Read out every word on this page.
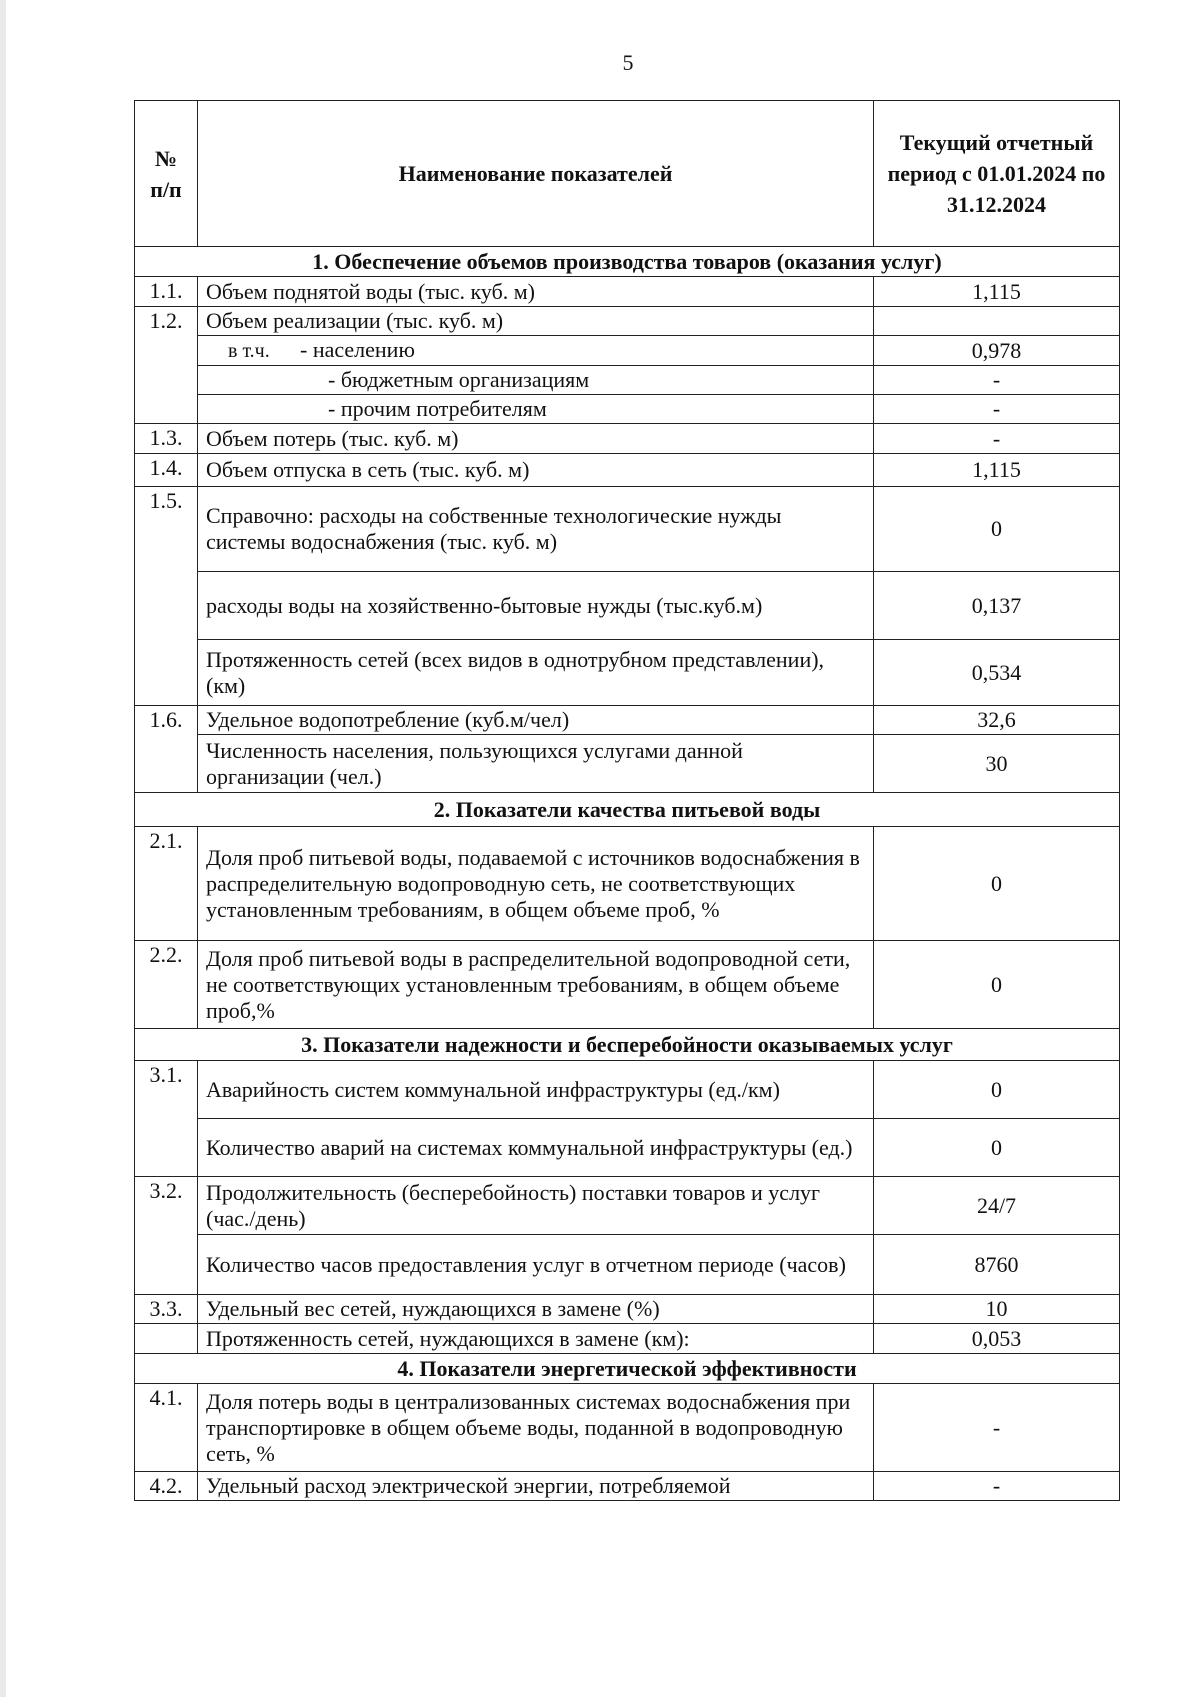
5
№ п/п	Наименование показателей	Текущий отчетный период с 01.01.2024 по 31.12.2024
1. Обеспечение объемов производства товаров (оказания услуг)		
1.1.	Объем поднятой воды (тыс. куб. м)	1,115
1.2.	Объем реализации (тыс. куб. м)	
	в т.ч. - населению	0,978
	- бюджетным организациям	-
	- прочим потребителям	-
1.3.	Объем потерь (тыс. куб. м)	-
1.4.	Объем отпуска в сеть (тыс. куб. м)	1,115
1.5.	Справочно: расходы на собственные технологические нужды системы водоснабжения (тыс. куб. м)	0
	расходы воды на хозяйственно-бытовые нужды (тыс.куб.м)	0,137
	Протяженность сетей (всех видов в однотрубном представлении), (км)	0,534
1.6.	Удельное водопотребление (куб.м/чел)	32,6
	Численность населения, пользующихся услугами данной организации (чел.)	30
2. Показатели качества питьевой воды		
2.1.	Доля проб питьевой воды, подаваемой с источников водоснабжения в распределительную водопроводную сеть, не соответствующих установленным требованиям, в общем объеме проб, %	0
2.2.	Доля проб питьевой воды в распределительной водопроводной сети, не соответствующих установленным требованиям, в общем объеме проб,%	0
3. Показатели надежности и бесперебойности оказываемых услуг		
3.1.	Аварийность систем коммунальной инфраструктуры (ед./км)	0
	Количество аварий на системах коммунальной инфраструктуры (ед.)	0
3.2.	Продолжительность (бесперебойность) поставки товаров и услуг (час./день)	24/7
	Количество часов предоставления услуг в отчетном периоде (часов)	8760
3.3.	Удельный вес сетей, нуждающихся в замене (%)	10
	Протяженность сетей, нуждающихся в замене (км):	0,053
4. Показатели энергетической эффективности		
4.1.	Доля потерь воды в централизованных системах водоснабжения при транспортировке в общем объеме воды, поданной в водопроводную сеть, %	-
4.2.	Удельный расход электрической энергии, потребляемой	-
